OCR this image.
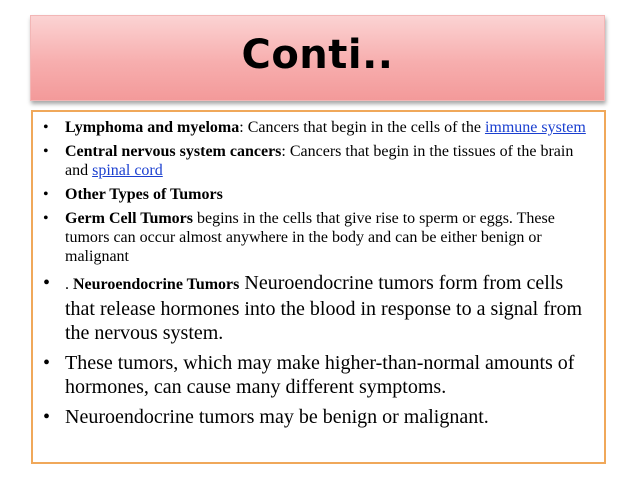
Conti..
• Lymphoma and myeloma: Cancers that begin in the cells of the immune system
• Central nervous system cancers: Cancers that begin in the tissues of the brain and spinal cord
• Other Types of Tumors
• Germ Cell Tumors begins in the cells that give rise to sperm or eggs. These tumors can occur almost anywhere in the body and can be either benign or malignant
• . Neuroendocrine Tumors Neuroendocrine tumors form from cells that release hormones into the blood in response to a signal from the nervous system.
• These tumors, which may make higher-than-normal amounts of hormones, can cause many different symptoms.
• Neuroendocrine tumors may be benign or malignant.
